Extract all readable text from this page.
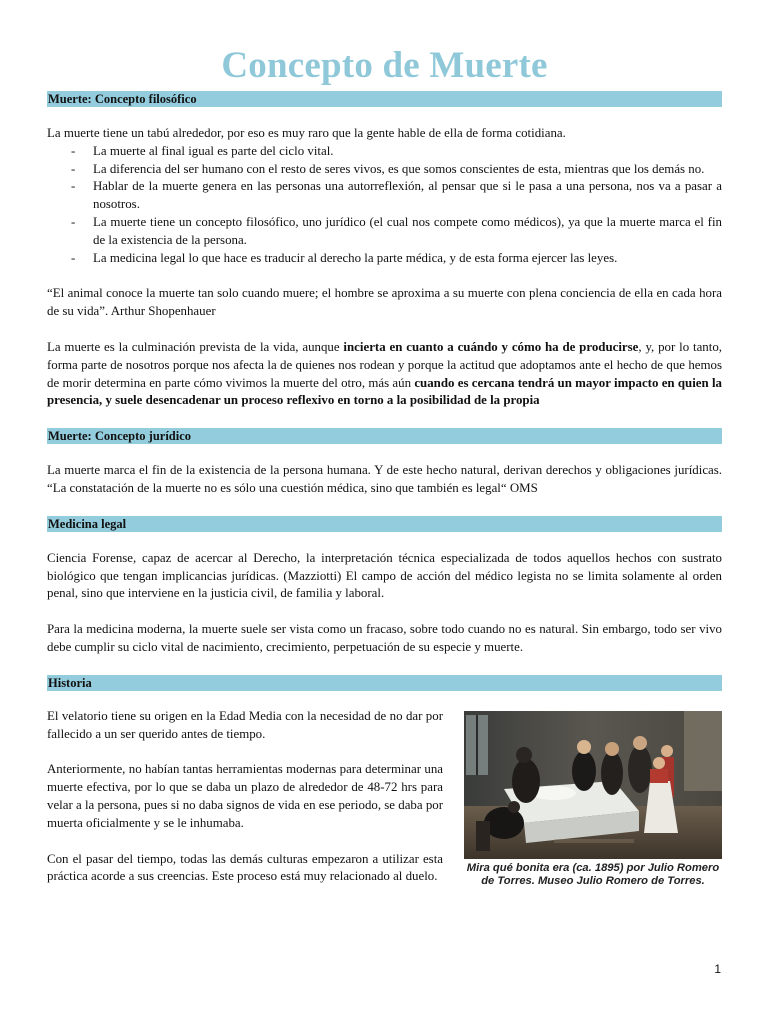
Concepto de Muerte
Muerte: Concepto filosófico

La muerte tiene un tabú alrededor, por eso es muy raro que la gente hable de ella de forma cotidiana.

- La muerte al final igual es parte del ciclo vital.
- La diferencia del ser humano con el resto de seres vivos, es que somos conscientes de esta, mientras que los demás no.
- Hablar de la muerte genera en las personas una autorreflexión, al pensar que si le pasa a una persona, nos va a pasar a nosotros.
- La muerte tiene un concepto filosófico, uno jurídico (el cual nos compete como médicos), ya que la muerte marca el fin de la existencia de la persona.
- La medicina legal lo que hace es traducir al derecho la parte médica, y de esta forma ejercer las leyes.

“El animal conoce la muerte tan solo cuando muere; el hombre se aproxima a su muerte con plena conciencia de ella en cada hora de su vida”. Arthur Shopenhauer

La muerte es la culminación prevista de la vida, aunque incierta en cuanto a cuándo y cómo ha de producirse, y, por lo tanto, forma parte de nosotros porque nos afecta la de quienes nos rodean y porque la actitud que adoptamos ante el hecho de que hemos de morir determina en parte cómo vivimos la muerte del otro, más aún cuando es cercana tendrá un mayor impacto en quien la presencia, y suele desencadenar un proceso reflexivo en torno a la posibilidad de la propia

Muerte: Concepto jurídico

La muerte marca el fin de la existencia de la persona humana. Y de este hecho natural, derivan derechos y obligaciones jurídicas. “La constatación de la muerte no es sólo una cuestión médica, sino que también es legal“ OMS

Medicina legal

Ciencia Forense, capaz de acercar al Derecho, la interpretación técnica especializada de todos aquellos hechos con sustrato biológico que tengan implicancias jurídicas. (Mazziotti) El campo de acción del médico legista no se limita solamente al orden penal, sino que interviene en la justicia civil, de familia y laboral.

Para la medicina moderna, la muerte suele ser vista como un fracaso, sobre todo cuando no es natural. Sin embargo, todo ser vivo debe cumplir su ciclo vital de nacimiento, crecimiento, perpetuación de su especie y muerte.

Historia

El velatorio tiene su origen en la Edad Media con la necesidad de no dar por fallecido a un ser querido antes de tiempo.

Anteriormente, no habían tantas herramientas modernas para determinar una muerte efectiva, por lo que se daba un plazo de alrededor de 48-72 hrs para velar a la persona, pues si no daba signos de vida en ese periodo, se daba por muerta oficialmente y se le inhumaba.

Con el pasar del tiempo, todas las demás culturas empezaron a utilizar esta práctica acorde a sus creencias. Este proceso está muy relacionado al duelo.

Mira qué bonita era (ca. 1895) por Julio Romero de Torres. Museo Julio Romero de Torres.
1
